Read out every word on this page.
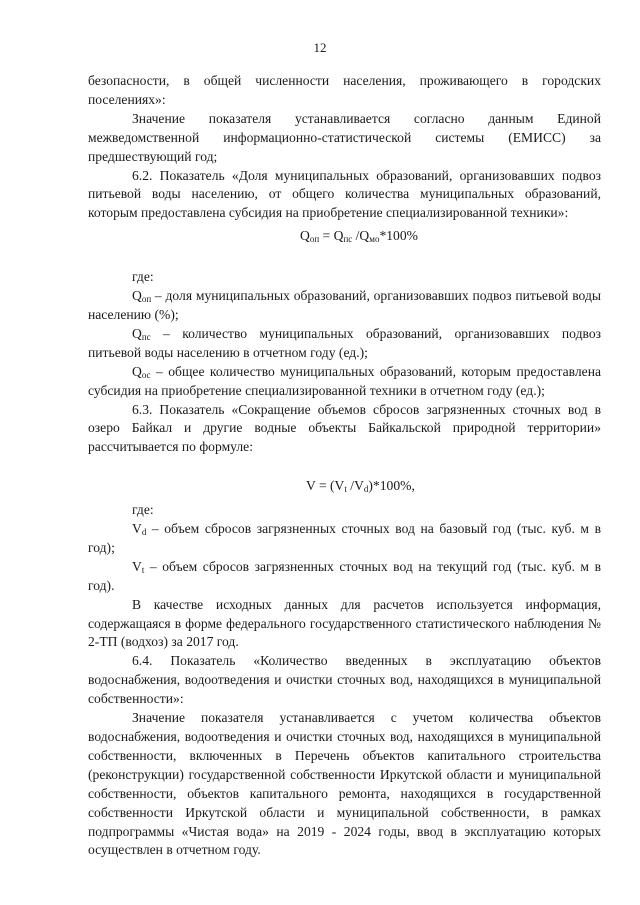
12

безопасности, в общей численности населения, проживающего в городских поселениях»:

Значение показателя устанавливается согласно данным Единой межведомственной информационно-статистической системы (ЕМИСС) за предшествующий год;

6.2. Показатель «Доля муниципальных образований, организовавших подвоз питьевой воды населению, от общего количества муниципальных образований, которым предоставлена субсидия на приобретение специализированной техники»:

$Q_{оп} = Q_{пс}$ $/Q_{мо}*100\%$

где:

$Q_{оп}$ – доля муниципальных образований, организовавших подвоз питьевой воды населению (%);

$Q_{пс}$ – количество муниципальных образований, организовавших подвоз питьевой воды населению в отчетном году (ед.);

$Q_{ос}$ – общее количество муниципальных образований, которым предоставлена субсидия на приобретение специализированной техники в отчетном году (ед.);

6.3. Показатель «Сокращение объемов сбросов загрязненных сточных вод в озеро Байкал и другие водные объекты Байкальской природной территории» рассчитывается по формуле:

$V = (V_t$ $/V_d)*100\%$,

где:

$V_d$ – объем сбросов загрязненных сточных вод на базовый год (тыс. куб. м в год);

$V_t$ – объем сбросов загрязненных сточных вод на текущий год (тыс. куб. м в год).

В качестве исходных данных для расчетов используется информация, содержащаяся в форме федерального государственного статистического наблюдения № 2-ТП (водхоз) за 2017 год.

6.4. Показатель «Количество введенных в эксплуатацию объектов водоснабжения, водоотведения и очистки сточных вод, находящихся в муниципальной собственности»:

Значение показателя устанавливается с учетом количества объектов водоснабжения, водоотведения и очистки сточных вод, находящихся в муниципальной собственности, включенных в Перечень объектов капитального строительства (реконструкции) государственной собственности Иркутской области и муниципальной собственности, объектов капитального ремонта, находящихся в государственной собственности Иркутской области и муниципальной собственности, в рамках подпрограммы «Чистая вода» на 2019 - 2024 годы, ввод в эксплуатацию которых осуществлен в отчетном году.
